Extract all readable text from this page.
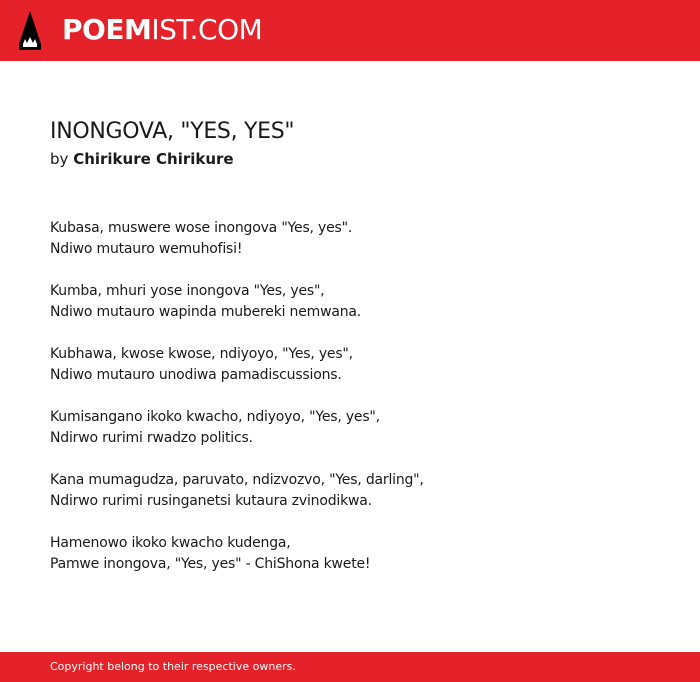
POEMIST.COM
INONGOVA, "YES, YES"
by Chirikure Chirikure
Kubasa, muswere wose inongova "Yes, yes".
Ndiwo mutauro wemuhofisi!
Kumba, mhuri yose inongova "Yes, yes",
Ndiwo mutauro wapinda mubereki nemwana.
Kubhawa, kwose kwose, ndiyoyo, "Yes, yes",
Ndiwo mutauro unodiwa pamadiscussions.
Kumisangano ikoko kwacho, ndiyoyo, "Yes, yes",
Ndirwo rurimi rwadzo politics.
Kana mumagudza, paruvato, ndizvozvo, "Yes, darling",
Ndirwo rurimi rusinganetsi kutaura zvinodikwa.
Hamenowo ikoko kwacho kudenga,
Pamwe inongova, "Yes, yes" - ChiShona kwete!
Copyright belong to their respective owners.
